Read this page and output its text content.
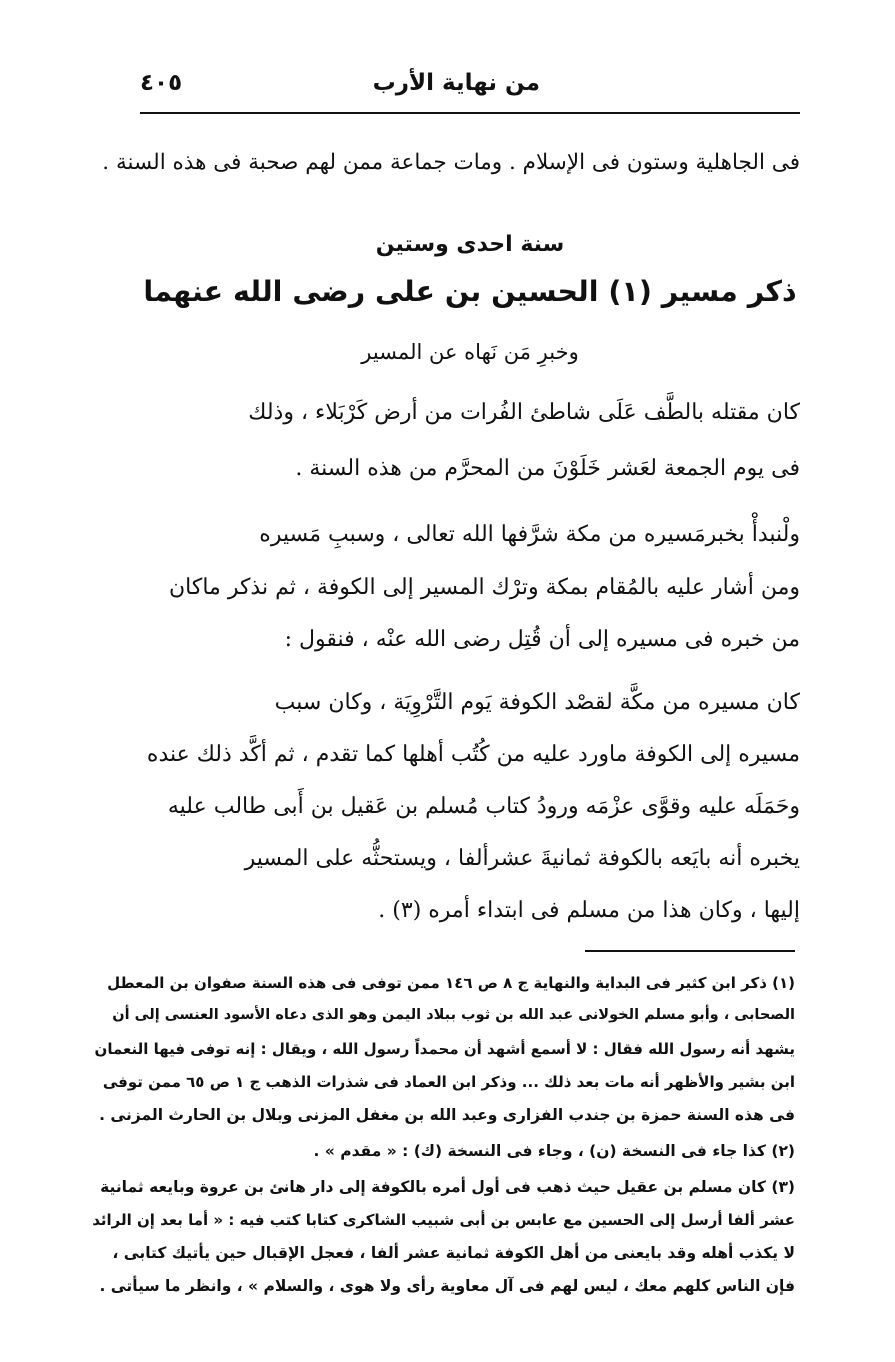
من نهاية الأرب
٤٠٥
فى الجاهلية وستون فى الإسلام . ومات جماعة ممن لهم صحبة فى هذه السنة .
سنة احدى وستين
ذكر مسير (١) الحسين بن على رضى الله عنهما
وخبرِ مَن نَهاه عن المسير
كان مقتله بالطَّف عَلَى شاطئ الفُرات من أرض كَرْبَلاء ، وذلك
فى يوم الجمعة لعَشر خَلَوْنَ من المحرَّم من هذه السنة .
ولْنبدأْ بخبرمَسيره من مكة شرَّفها الله تعالى ، وسببِ مَسيره
ومن أشار عليه بالمُقام بمكة وترْك المسير إلى الكوفة ، ثم نذكر ماكان
من خبره فى مسيره إلى أن قُتِل رضى الله عنْه ، فنقول :
كان مسيره من مكَّة لقصْد الكوفة يَوم التَّرْوِيَة ، وكان سبب
مسيره إلى الكوفة ماورد عليه من كُتُب أهلها كما تقدم ، ثم أكَّد ذلك عنده
وحَمَلَه عليه وقوَّى عزْمَه ورودُ كتاب مُسلم بن عَقيل بن أَبى طالب عليه
يخبره أنه بايَعه بالكوفة ثمانيةَ عشرألفا ، ويستحثُّه على المسير
إليها ، وكان هذا من مسلم فى ابتداء أمره (٣) .
(١) ذكر ابن كثير فى البداية والنهاية ج ٨ ص ١٤٦ ممن توفى فى هذه السنة صفوان بن المعطل
الصحابى ، وأبو مسلم الخولانى عبد الله بن ثوب ببلاد اليمن وهو الذى دعاه الأسود العنسى إلى أن
يشهد أنه رسول الله فقال : لا أسمع أشهد أن محمداً رسول الله ، ويقال : إنه توفى فيها النعمان
ابن بشير والأظهر أنه مات بعد ذلك ... وذكر ابن العماد فى شذرات الذهب ج ١ ص ٦٥ ممن توفى
فى هذه السنة حمزة بن جندب الفزارى وعبد الله بن مغفل المزنى وبلال بن الحارث المزنى .
(٢) كذا جاء فى النسخة (ن) ، وجاء فى النسخة (ك) : « مقدم » .
(٣) كان مسلم بن عقيل حيث ذهب فى أول أمره بالكوفة إلى دار هانئ بن عروة وبايعه ثمانية
عشر ألفا أرسل إلى الحسين مع عابس بن أبى شبيب الشاكرى كتابا كتب فيه : « أما بعد إن الرائد
لا يكذب أهله وقد بايعنى من أهل الكوفة ثمانية عشر ألفا ، فعجل الإقبال حين يأتيك كتابى ،
فإن الناس كلهم معك ، ليس لهم فى آل معاوية رأى ولا هوى ، والسلام » ، وانظر ما سيأتى .
